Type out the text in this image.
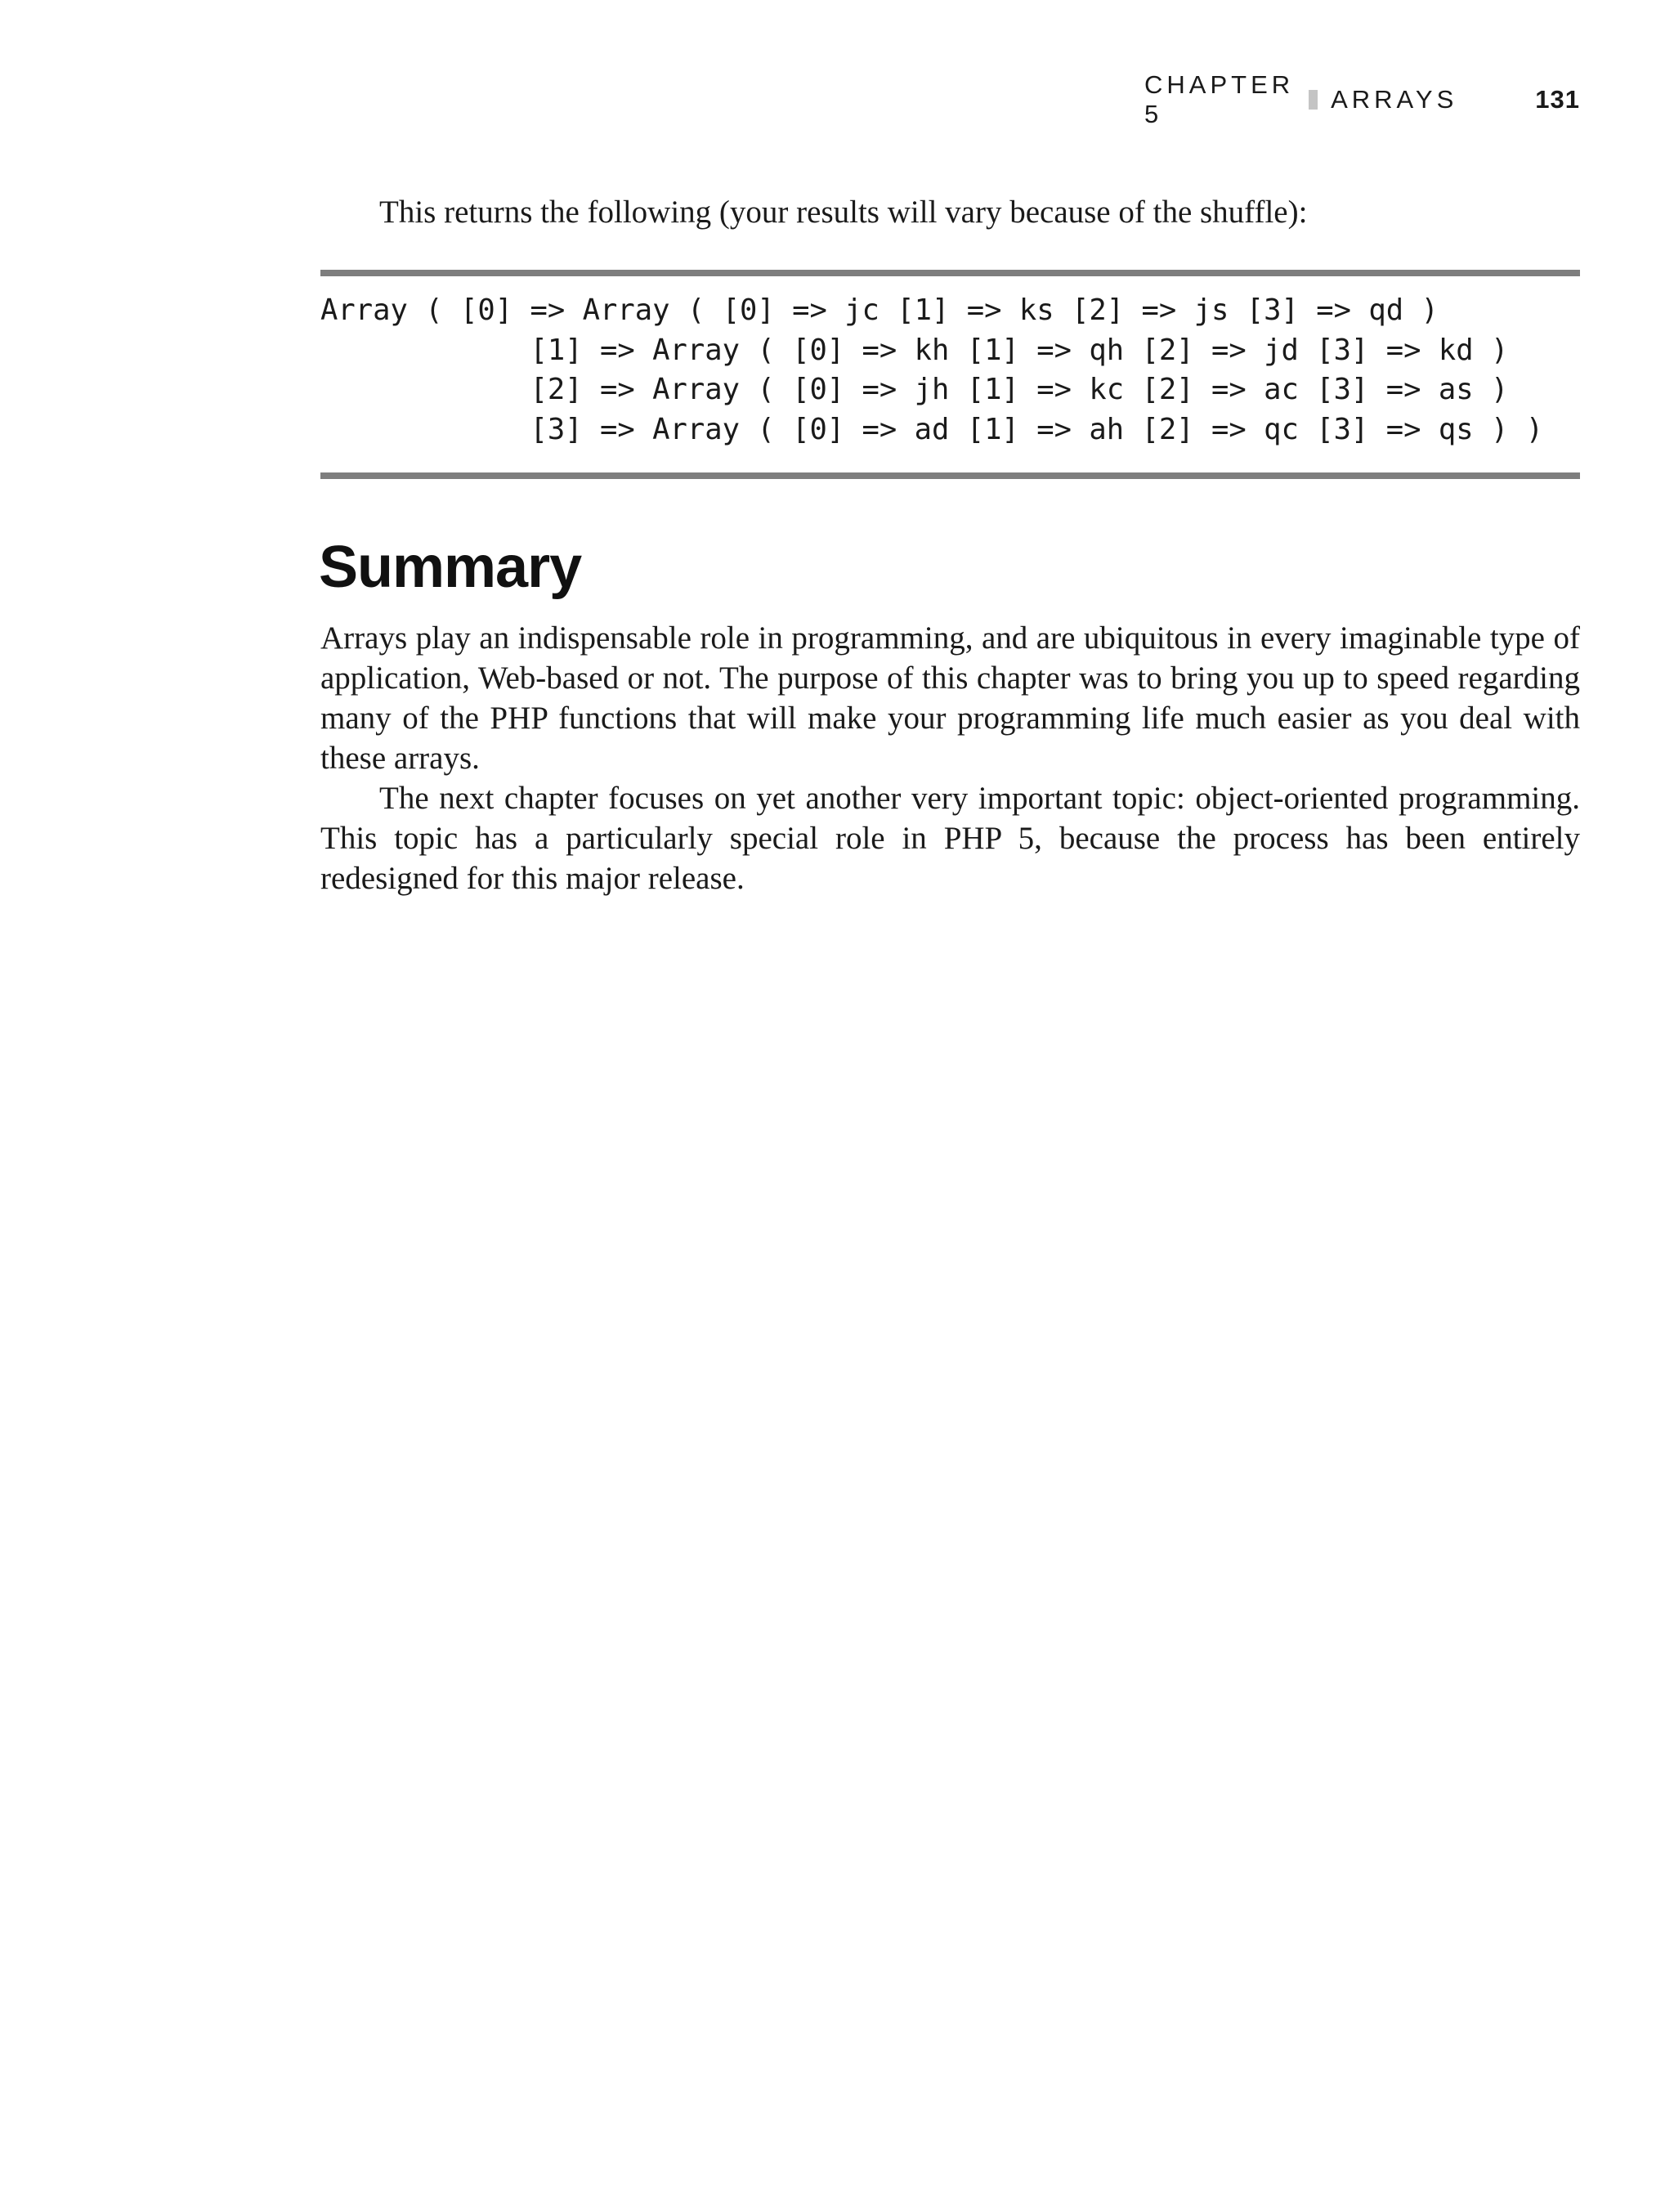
CHAPTER 5
ARRAYS	131

This returns the following (your results will vary because of the shuffle):

Array ( [0] => Array ( [0] => jc [1] => ks [2] => js [3] => qd )
[1] => Array ( [0] => kh [1] => qh [2] => jd [3] => kd )
[2] => Array ( [0] => jh [1] => kc [2] => ac [3] => as )
[3] => Array ( [0] => ad [1] => ah [2] => qc [3] => qs ) )
Summary

Arrays play an indispensable role in programming, and are ubiquitous in every imaginable type of application, Web-based or not. The purpose of this chapter was to bring you up to speed regarding many of the PHP functions that will make your programming life much easier as you deal with these arrays.

The next chapter focuses on yet another very important topic: object-oriented programming. This topic has a particularly special role in PHP 5, because the process has been entirely redesigned for this major release.
